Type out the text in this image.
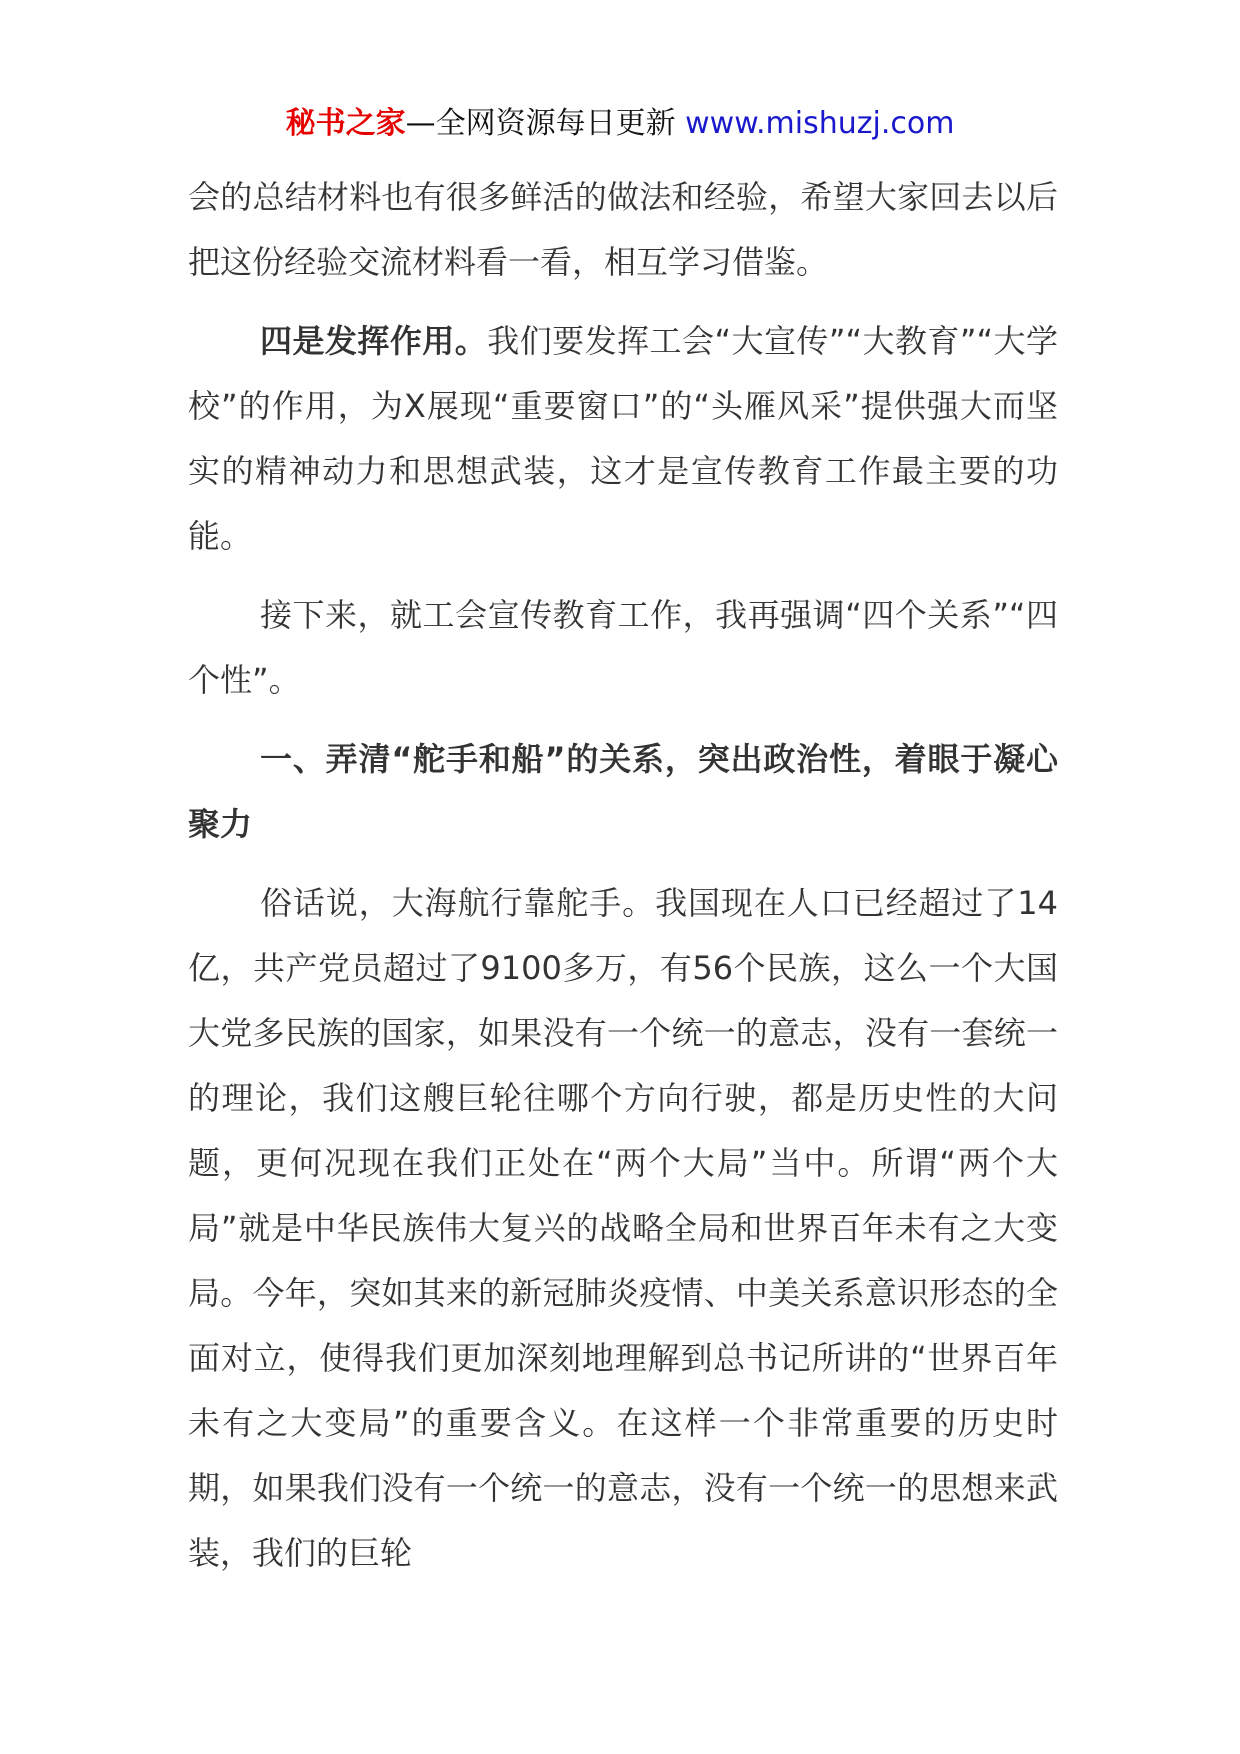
秘书之家—全网资源每日更新 www.mishuzj.com

会的总结材料也有很多鲜活的做法和经验，希望大家回去以后把这份经验交流材料看一看，相互学习借鉴。

四是发挥作用。我们要发挥工会“大宣传”“大教育”“大学校”的作用，为X展现“重要窗口”的“头雁风采”提供强大而坚实的精神动力和思想武装，这才是宣传教育工作最主要的功能。

接下来，就工会宣传教育工作，我再强调“四个关系”“四个性”。

一、弄清“舵手和船”的关系，突出政治性，着眼于凝心聚力

俗话说，大海航行靠舵手。我国现在人口已经超过了14亿，共产党员超过了9100多万，有56个民族，这么一个大国大党多民族的国家，如果没有一个统一的意志，没有一套统一的理论，我们这艘巨轮往哪个方向行驶，都是历史性的大问题，更何况现在我们正处在“两个大局”当中。所谓“两个大局”就是中华民族伟大复兴的战略全局和世界百年未有之大变局。今年，突如其来的新冠肺炎疫情、中美关系意识形态的全面对立，使得我们更加深刻地理解到总书记所讲的“世界百年未有之大变局”的重要含义。在这样一个非常重要的历史时期，如果我们没有一个统一的意志，没有一个统一的思想来武装，我们的巨轮
